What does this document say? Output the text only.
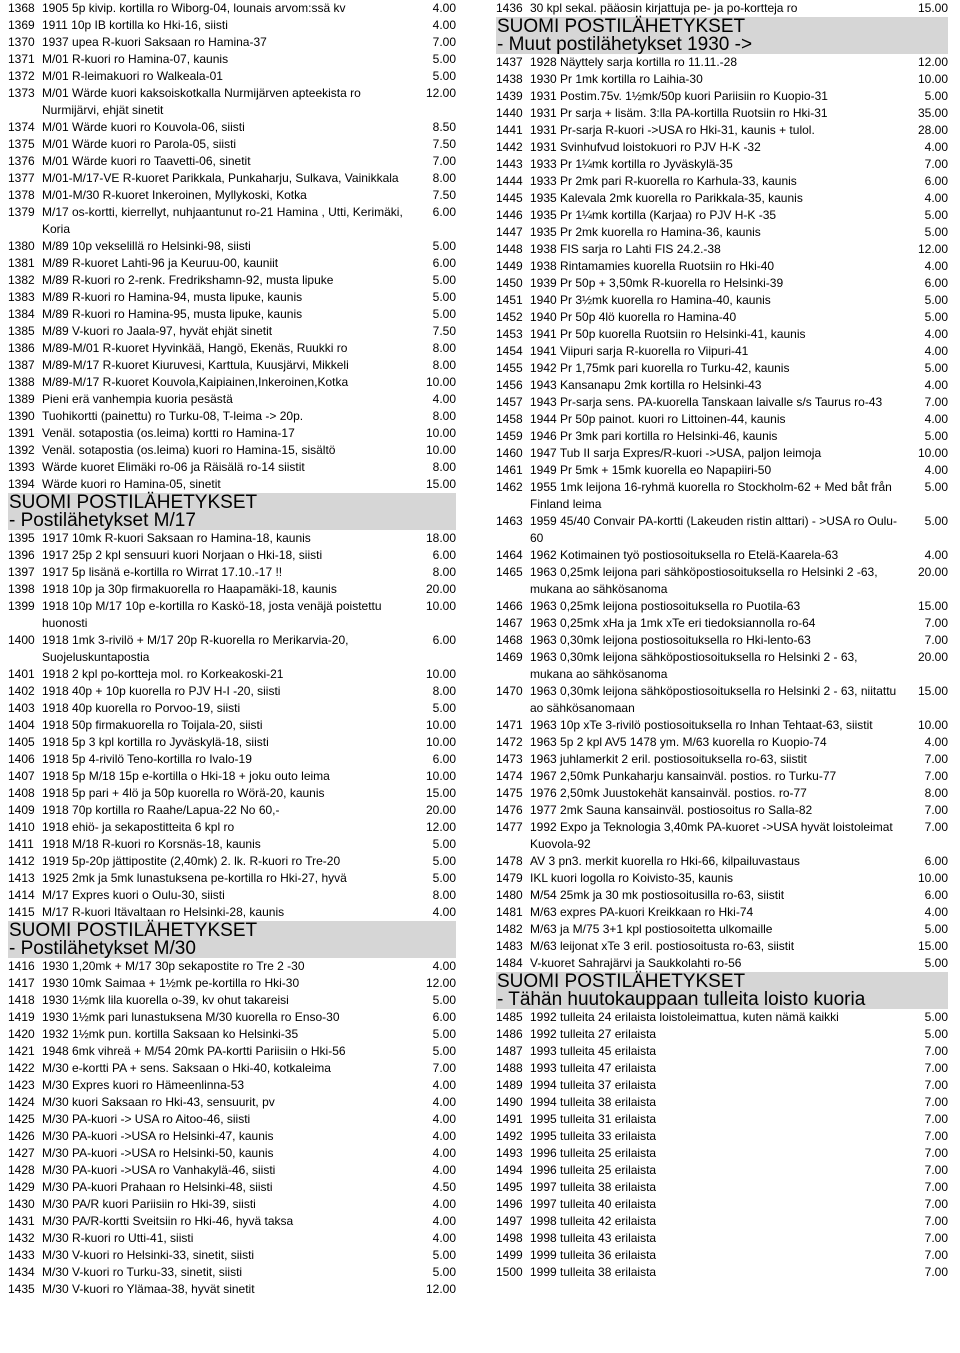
1368 1905 5p kivip. kortilla ro Wiborg-04, lounais arvom:ssä kv	4.00
1369 1911 10p IB kortilla ko Hki-16, siisti	4.00
1370 1937 upea R-kuori Saksaan ro Hamina-37	7.00
1371 M/01 R-kuori ro Hamina-07, kaunis	5.00
1372 M/01 R-leimakuori ro Walkeala-01	5.00
1373 M/01 Wärde kuori kaksoiskotkalla Nurmijärven apteekista ro Nurmijärvi, ehjät sinetit
12.00
1374 M/01 Wärde kuori ro Kouvola-06, siisti	8.50
1375 M/01 Wärde kuori ro Parola-05, siisti	7.50
1376 M/01 Wärde kuori ro Taavetti-06, sinetit	7.00
1377 M/01-M/17-VE R-kuoret Parikkala, Punkaharju, Sulkava, Vainikkala	8.00
1378 M/01-M/30 R-kuoret Inkeroinen, Myllykoski, Kotka	7.50
1379 M/17 os-kortti, kierrellyt, nuhjaantunut ro-21 Hamina , Utti, Kerimäki, Koria
6.00
1380 M/89 10p vekselillä ro Helsinki-98, siisti	5.00
1381 M/89 R-kuoret Lahti-96 ja Keuruu-00, kauniit	6.00
1382 M/89 R-kuori ro 2-renk. Fredrikshamn-92, musta lipuke	5.00
1383 M/89 R-kuori ro Hamina-94, musta lipuke, kaunis	5.00
1384 M/89 R-kuori ro Hamina-95, musta lipuke, kaunis	5.00
1385 M/89 V-kuori ro Jaala-97, hyvät ehjät sinetit	7.50
1386 M/89-M/01 R-kuoret Hyvinkää, Hangö, Ekenäs, Ruukki ro	8.00
1387 M/89-M/17 R-kuoret Kiuruvesi, Karttula, Kuusjärvi, Mikkeli	8.00
1388 M/89-M/17 R-kuoret Kouvola,Kaipiainen,Inkeroinen,Kotka	10.00
1389 Pieni erä vanhempia kuoria pesästä	4.00
1390 Tuohikortti (painettu) ro Turku-08, T-leima -> 20p.	8.00
1391 Venäl. sotapostia (os.leima) kortti ro Hamina-17	10.00
1392 Venäl. sotapostia (os.leima) kuori ro Hamina-15, sisältö	10.00
1393 Wärde kuoret Elimäki ro-06 ja Räisälä ro-14 siistit	8.00
1394 Wärde kuori ro Hamina-05, sinetit	15.00
SUOMI POSTILÄHETYKSET
- Postilähetykset M/17
1395 1917 10mk R-kuori Saksaan ro Hamina-18, kaunis	18.00
1396 1917 25p 2 kpl sensuuri kuori Norjaan o Hki-18, siisti	6.00
1397 1917 5p lisänä e-kortilla ro Wirrat 17.10.-17 !!	8.00
1398 1918 10p ja 30p firmakuorella ro Haapamäki-18, kaunis	20.00
1399 1918 10p M/17 10p e-kortilla ro Kaskö-18, josta venäjä poistettu huonosti
10.00
1400 1918 1mk 3-rivilö + M/17 20p R-kuorella ro Merikarvia-20, Suojeluskuntapostia
6.00
1401 1918 2 kpl po-kortteja mol. ro Korkeakoski-21	10.00
1402 1918 40p + 10p kuorella ro PJV H-I -20, siisti	8.00
1403 1918 40p kuorella ro Porvoo-19, siisti	5.00
1404 1918 50p firmakuorella ro Toijala-20, siisti	10.00
1405 1918 5p 3 kpl kortilla ro Jyväskylä-18, siisti	10.00
1406 1918 5p 4-rivilö Teno-kortilla ro Ivalo-19	6.00
1407 1918 5p M/18 15p e-kortilla o Hki-18 + joku outo leima	10.00
1408 1918 5p pari + 4lö ja 50p kuorella ro Wörä-20, kaunis	15.00
1409 1918 70p kortilla ro Raahe/Lapua-22 No 60,-	20.00
1410 1918 ehiö- ja sekapostitteita 6 kpl ro	12.00
1411 1918 M/18 R-kuori ro Korsnäs-18, kaunis	5.00
1412 1919 5p-20p jättipostite (2,40mk) 2. lk. R-kuori ro Tre-20	5.00
1413 1925 2mk ja 5mk lunastuksena pe-kortilla ro Hki-27, hyvä	5.00
1414 M/17 Expres kuori o Oulu-30, siisti	8.00
1415 M/17 R-kuori Itävaltaan ro Helsinki-28, kaunis	4.00
SUOMI POSTILÄHETYKSET
- Postilähetykset M/30
1416 1930 1,20mk + M/17 30p sekapostite ro Tre 2 -30	4.00
1417 1930 10mk Saimaa + 1½mk pe-kortilla ro Hki-30	12.00
1418 1930 1½mk lila kuorella o-39, kv ohut takareisi	5.00
1419 1930 1½mk pari lunastuksena M/30 kuorella ro Enso-30	6.00
1420 1932 1½mk pun. kortilla Saksaan ko Helsinki-35	5.00
1421 1948 6mk vihreä + M/54 20mk PA-kortti Pariisiin o Hki-56	5.00
1422 M/30 e-kortti PA + sens. Saksaan o Hki-40, kotkaleima	7.00
1423 M/30 Expres kuori ro Hämeenlinna-53	4.00
1424 M/30 kuori Saksaan ro Hki-43, sensuurit, pv	4.00
1425 M/30 PA-kuori -> USA ro Aitoo-46, siisti	4.00
1426 M/30 PA-kuori ->USA ro Helsinki-47, kaunis	4.00
1427 M/30 PA-kuori ->USA ro Helsinki-50, kaunis	4.00
1428 M/30 PA-kuori ->USA ro Vanhakylä-46, siisti	4.00
1429 M/30 PA-kuori Prahaan ro Helsinki-48, siisti	4.50
1430 M/30 PA/R kuori Pariisiin ro Hki-39, siisti	4.00
1431 M/30 PA/R-kortti Sveitsiin ro Hki-46, hyvä taksa	4.00
1432 M/30 R-kuori ro Utti-41, siisti	4.00
1433 M/30 V-kuori ro Helsinki-33, sinetit, siisti	5.00
1434 M/30 V-kuori ro Turku-33, sinetit, siisti	5.00
1435 M/30 V-kuori ro Ylämaa-38, hyvät sinetit	12.00
1436 30 kpl sekal. pääosin kirjattuja pe- ja po-kortteja ro	15.00
SUOMI POSTILÄHETYKSET
- Muut postilähetykset 1930 ->
1437 1928 Näyttely sarja kortilla ro 11.11.-28	12.00
1438 1930 Pr 1mk kortilla ro Laihia-30	10.00
1439 1931 Postim.75v. 1½mk/50p kuori Pariisiin ro Kuopio-31	5.00
1440 1931 Pr sarja + lisäm. 3:lla PA-kortilla Ruotsiin ro Hki-31	35.00
1441 1931 Pr-sarja R-kuori ->USA ro Hki-31, kaunis + tulol.	28.00
1442 1931 Svinhufvud loistokuori ro PJV H-K -32	4.00
1443 1933 Pr 1¼mk kortilla ro Jyväskylä-35	7.00
1444 1933 Pr 2mk pari R-kuorella ro Karhula-33, kaunis	6.00
1445 1935 Kalevala 2mk kuorella ro Parikkala-35, kaunis	4.00
1446 1935 Pr 1¼mk kortilla (Karjaa) ro PJV H-K -35	5.00
1447 1935 Pr 2mk kuorella ro Hamina-36, kaunis	5.00
1448 1938 FIS sarja ro Lahti FIS 24.2.-38	12.00
1449 1938 Rintamamies kuorella Ruotsiin ro Hki-40	4.00
1450 1939 Pr 50p + 3,50mk R-kuorella ro Helsinki-39	6.00
1451 1940 Pr 3½mk kuorella ro Hamina-40, kaunis	5.00
1452 1940 Pr 50p 4lö kuorella ro Hamina-40	5.00
1453 1941 Pr 50p kuorella Ruotsiin ro Helsinki-41, kaunis	4.00
1454 1941 Viipuri sarja R-kuorella ro Viipuri-41	4.00
1455 1942 Pr 1,75mk pari kuorella ro Turku-42, kaunis	5.00
1456 1943 Kansanapu 2mk kortilla ro Helsinki-43	4.00
1457 1943 Pr-sarja sens. PA-kuorella Tanskaan laivalle s/s Taurus ro-43	7.00
1458 1944 Pr 50p painot. kuori ro Littoinen-44, kaunis	4.00
1459 1946 Pr 3mk pari kortilla ro Helsinki-46, kaunis	5.00
1460 1947 Tub II sarja Expres/R-kuori ->USA, paljon leimoja	10.00
1461 1949 Pr 5mk + 15mk kuorella eo Napapiiri-50	4.00
1462 1955 1mk leijona 16-ryhmä kuorella ro Stockholm-62 + Med båt från Finland leima
5.00
1463 1959 45/40 Convair PA-kortti (Lakeuden ristin alttari) - >USA ro Oulu-60
5.00
1464 1962 Kotimainen työ postiosoituksella ro Etelä-Kaarela-63	4.00
1465 1963 0,25mk leijona pari sähköpostiosoituksella ro Helsinki 2 -63, mukana ao sähkösanoma
20.00
1466 1963 0,25mk leijona postiosoituksella ro Puotila-63	15.00
1467 1963 0,25mk xHa ja 1mk xTe eri tiedoksiannolla ro-64	7.00
1468 1963 0,30mk leijona postiosoituksella ro Hki-lento-63	7.00
1469 1963 0,30mk leijona sähköpostiosoituksella ro Helsinki 2 - 63, mukana ao sähkösanoma
20.00
1470 1963 0,30mk leijona sähköpostiosoituksella ro Helsinki 2 - 63, niitattu ao sähkösanomaan
15.00
1471 1963 10p xTe 3-rivilö postiosoituksella ro Inhan Tehtaat-63, siistit	10.00
1472 1963 5p 2 kpl AV5 1478 ym. M/63 kuorella ro Kuopio-74	4.00
1473 1963 juhlamerkit 2 eril. postiosoituksella ro-63, siistit	7.00
1474 1967 2,50mk Punkaharju kansainväl. postios. ro Turku-77	7.00
1475 1976 2,50mk Juustokehät kansainväl. postios. ro-77	8.00
1476 1977 2mk Sauna kansainväl. postiosoitus ro Salla-82	7.00
1477 1992 Expo ja Teknologia 3,40mk PA-kuoret ->USA hyvät loistoleimat Kuovola-92
7.00
1478 AV 3 pn3. merkit kuorella ro Hki-66, kilpailuvastaus	6.00
1479 IKL kuori logolla ro Koivisto-35, kaunis	10.00
1480 M/54 25mk ja 30 mk postiosoitusilla ro-63, siistit	6.00
1481 M/63 expres PA-kuori Kreikkaan ro Hki-74	4.00
1482 M/63 ja M/75 3+1 kpl postiosoitetta ulkomaille	5.00
1483 M/63 leijonat xTe 3 eril. postiosoitusta ro-63, siistit	15.00
1484 V-kuoret Sahrajärvi ja Saukkolahti ro-56	5.00
SUOMI POSTILÄHETYKSET
- Tähän huutokauppaan tulleita loisto kuoria
1485 1992 tulleita 24 erilaista loistoleimattua, kuten nämä kaikki	5.00
1486 1992 tulleita 27 erilaista	5.00
1487 1993 tulleita 45 erilaista	7.00
1488 1993 tulleita 47 erilaista	7.00
1489 1994 tulleita 37 erilaista	7.00
1490 1994 tulleita 38 erilaista	7.00
1491 1995 tulleita 31 erilaista	7.00
1492 1995 tulleita 33 erilaista	7.00
1493 1996 tulleita 25 erilaista	7.00
1494 1996 tulleita 25 erilaista	7.00
1495 1997 tulleita 38 erilaista	7.00
1496 1997 tulleita 40 erilaista	7.00
1497 1998 tulleita 42 erilaista	7.00
1498 1998 tulleita 43 erilaista	7.00
1499 1999 tulleita 36 erilaista	7.00
1500 1999 tulleita 38 erilaista	7.00
